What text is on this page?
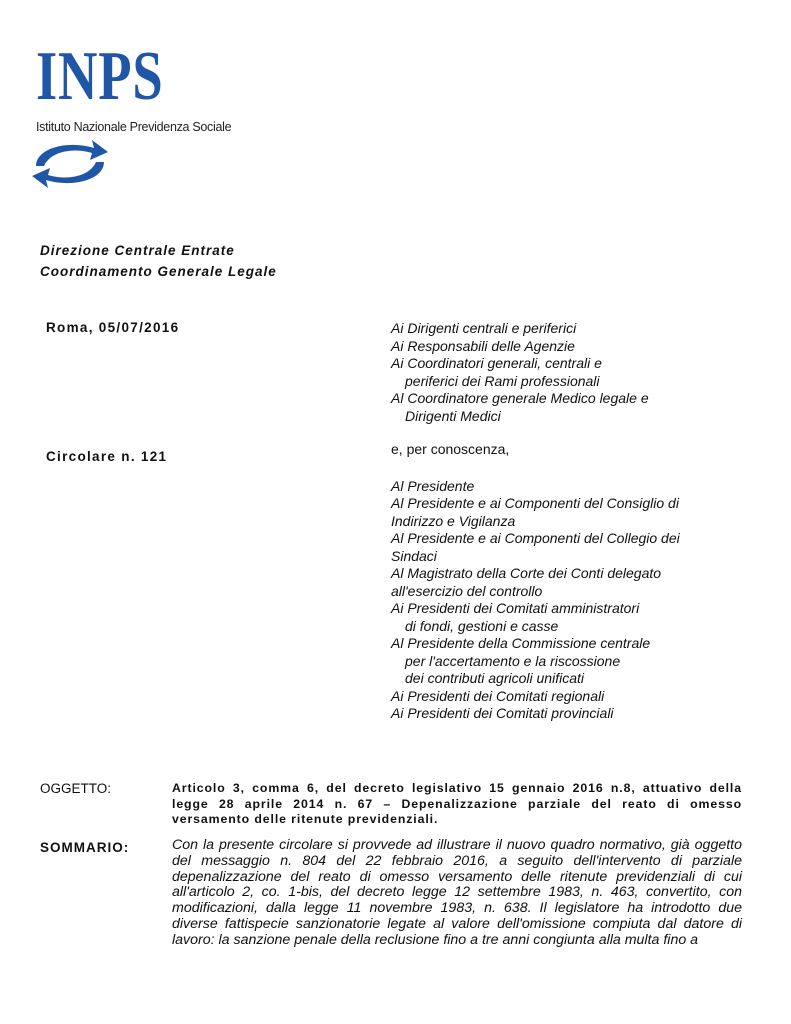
INPS
Istituto Nazionale Previdenza Sociale
Direzione Centrale Entrate
Coordinamento Generale Legale
Roma, 05/07/2016
Circolare n. 121
Ai Dirigenti centrali e periferici
Ai Responsabili delle Agenzie
Ai Coordinatori generali, centrali e
periferici dei Rami professionali
Al Coordinatore generale Medico legale e
Dirigenti Medici
e, per conoscenza,
Al Presidente
Al Presidente e ai Componenti del Consiglio di
Indirizzo e Vigilanza
Al Presidente e ai Componenti del Collegio dei
Sindaci
Al Magistrato della Corte dei Conti delegato
all'esercizio del controllo
Ai Presidenti dei Comitati amministratori
di fondi, gestioni e casse
Al Presidente della Commissione centrale
per l'accertamento e la riscossione
dei contributi agricoli unificati
Ai Presidenti dei Comitati regionali
Ai Presidenti dei Comitati provinciali
OGGETTO:	Articolo 3, comma 6, del decreto legislativo 15 gennaio 2016 n.8, attuativo della legge 28 aprile 2014 n. 67 – Depenalizzazione parziale del reato di omesso versamento delle ritenute previdenziali.
SOMMARIO:	Con la presente circolare si provvede ad illustrare il nuovo quadro normativo, già oggetto del messaggio n. 804 del 22 febbraio 2016, a seguito dell'intervento di parziale depenalizzazione del reato di omesso versamento delle ritenute previdenziali di cui all'articolo 2, co. 1-bis, del decreto legge 12 settembre 1983, n. 463, convertito, con modificazioni, dalla legge 11 novembre 1983, n. 638. Il legislatore ha introdotto due diverse fattispecie sanzionatorie legate al valore dell'omissione compiuta dal datore di lavoro: la sanzione penale della reclusione fino a tre anni congiunta alla multa fino a
